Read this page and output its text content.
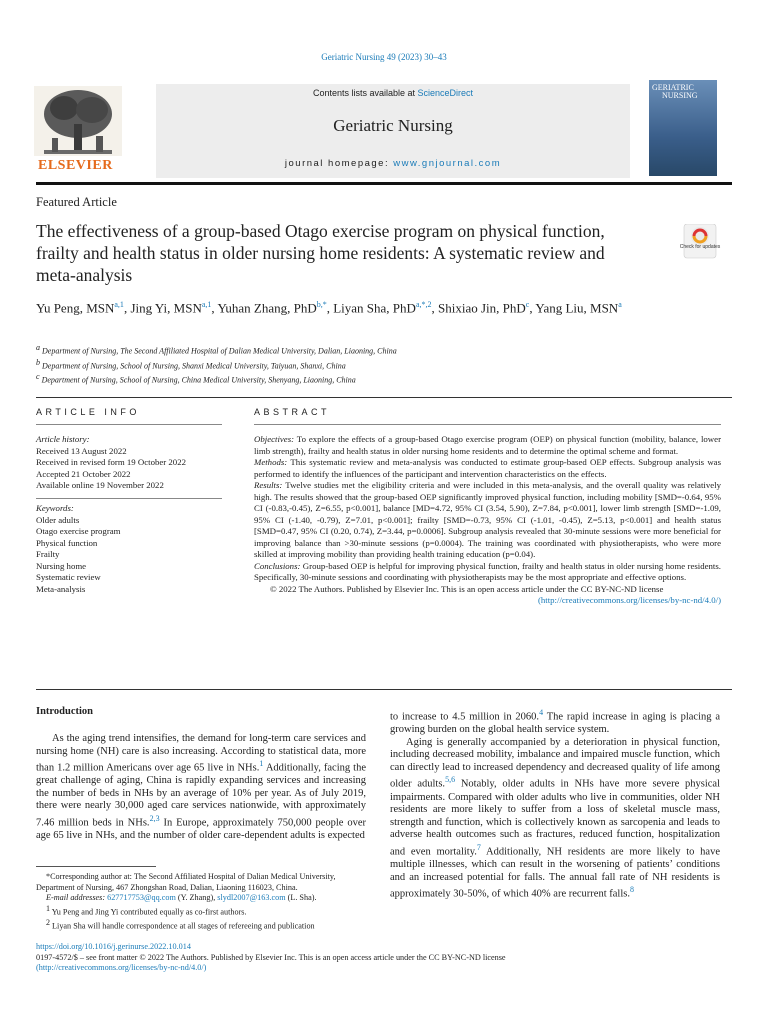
Geriatric Nursing 49 (2023) 30–43
ELSEVIER
Contents lists available at ScienceDirect
Geriatric Nursing
journal homepage: www.gnjournal.com
GERIATRIC
NURSING
Featured Article
The effectiveness of a group-based Otago exercise program on physical function, frailty and health status in older nursing home residents: A systematic review and meta-analysis
Check for updates
Yu Peng, MSN$^{a,1}$, Jing Yi, MSN$^{a,1}$, Yuhan Zhang, PhD$^{b,*}$, Liyan Sha, PhD$^{a,*,2}$, Shixiao Jin, PhD$^c$, Yang Liu, MSN$^a$
$^a$ Department of Nursing, The Second Affiliated Hospital of Dalian Medical University, Dalian, Liaoning, China
$^b$ Department of Nursing, School of Nursing, Shanxi Medical University, Taiyuan, Shanxi, China
$^c$ Department of Nursing, School of Nursing, China Medical University, Shenyang, Liaoning, China
ARTICLE INFO	ABSTRACT
Article history:
Received 13 August 2022
Received in revised form 19 October 2022
Accepted 21 October 2022
Available online 19 November 2022
Keywords:
Older adults
Otago exercise program
Physical function
Frailty
Nursing home
Systematic review
Meta-analysis

Objectives: To explore the effects of a group-based Otago exercise program (OEP) on physical function (mobility, balance, lower limb strength), frailty and health status in older nursing home residents and to determine the optimal scheme and format.

Methods: This systematic review and meta-analysis was conducted to estimate group-based OEP effects. Subgroup analysis was performed to identify the influences of the participant and intervention characteristics on the effects.

Results: Twelve studies met the eligibility criteria and were included in this meta-analysis, and the overall quality was relatively high. The results showed that the group-based OEP significantly improved physical function, including mobility [SMD=-0.64, 95% CI (-0.83,-0.45), Z=6.55, p<0.001], balance [MD=4.72, 95% CI (3.54, 5.90), Z=7.84, p<0.001], lower limb strength [SMD=-1.09, 95% CI (-1.40, -0.79), Z=7.01, p<0.001]; frailty [SMD=-0.73, 95% CI (-1.01, -0.45), Z=5.13, p<0.001] and health status [SMD=0.47, 95% CI (0.20, 0.74), Z=3.44, p=0.0006]. Subgroup analysis revealed that 30-minute sessions were more beneficial for improving balance than >30-minute sessions (p=0.0004). The training was coordinated with physiotherapists, who were more skilled at improving mobility than providing health training education (p=0.04).

Conclusions: Group-based OEP is helpful for improving physical function, frailty and health status in older nursing home residents. Specifically, 30-minute sessions and coordinating with physiotherapists may be the most appropriate and effective options.

© 2022 The Authors. Published by Elsevier Inc. This is an open access article under the CC BY-NC-ND license

(http://creativecommons.org/licenses/by-nc-nd/4.0/)

Introduction

As the aging trend intensifies, the demand for long-term care services and nursing home (NH) care is also increasing. According to statistical data, more than 1.2 million Americans over age 65 live in NHs.$^1$ Additionally, facing the great challenge of aging, China is rapidly expanding services and increasing the number of beds in NHs by an average of 10% per year. As of July 2019, there were nearly 30,000 aged care services nationwide, with approximately 7.46 million beds in NHs.$^{2,3}$ In Europe, approximately 750,000 people over age 65 live in NHs, and the number of older care-dependent adults is expected

to increase to 4.5 million in 2060.$^4$ The rapid increase in aging is placing a growing burden on the global health service system.

Aging is generally accompanied by a deterioration in physical function, including decreased mobility, imbalance and impaired muscle function, which can directly lead to increased dependency and decreased quality of life among older adults.$^{5,6}$ Notably, older adults in NHs have more severe physical impairments. Compared with older adults who live in communities, older NH residents are more likely to suffer from a loss of skeletal muscle mass, strength and function, which is collectively known as sarcopenia and leads to adverse health outcomes such as fractures, reduced function, hospitalization and even mortality.$^7$ Additionally, NH residents are more likely to have multiple illnesses, which can result in the worsening of patients’ conditions and an increased potential for falls. The annual fall rate of NH residents is approximately 30-50%, of which 40% are recurrent falls.$^8$

*Corresponding author at: The Second Affiliated Hospital of Dalian Medical University, Department of Nursing, 467 Zhongshan Road, Dalian, Liaoning 116023, China.

E-mail addresses: 627717753@qq.com (Y. Zhang), slydl2007@163.com (L. Sha).

$^1$ Yu Peng and Jing Yi contributed equally as co-first authors.

$^2$ Liyan Sha will handle correspondence at all stages of refereeing and publication

https://doi.org/10.1016/j.gerinurse.2022.10.014
0197-4572/$ – see front matter © 2022 The Authors. Published by Elsevier Inc. This is an open access article under the CC BY-NC-ND license
(http://creativecommons.org/licenses/by-nc-nd/4.0/)
